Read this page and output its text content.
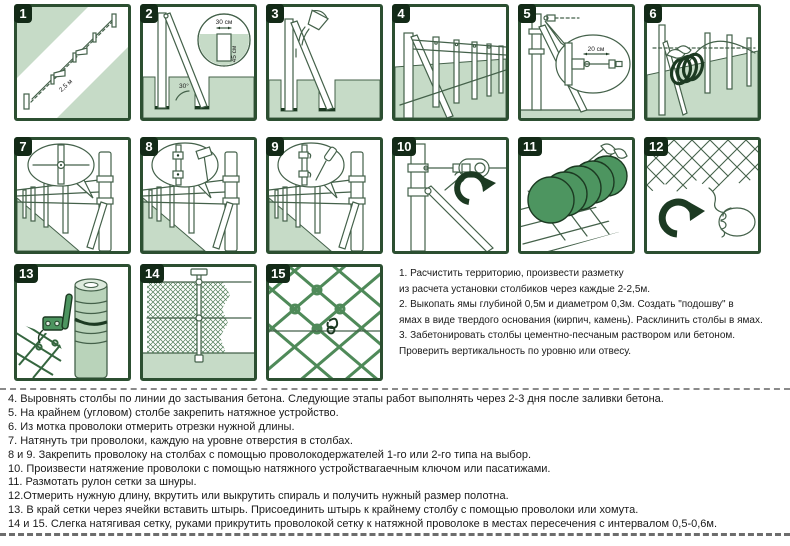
2,5 м
1
30°
30 см
45 см
2	3	4
20 см
5	6
7	8	9	10	11	12
13	14	15	1. Расчистить территорию, произвести разметку
из расчета установки столбиков через каждые 2-2,5м.
2. Выкопать ямы глубиной 0,5м и диаметром 0,3м. Создать "подошву" в
ямах в виде твердого основания (кирпич, камень). Расклинить столбы в ямах.
3. Забетонировать столбы цементно-песчаным раствором или бетоном.
Проверить вертикальность по уровню или отвесу.
4. Выровнять столбы по линии до застывания бетона. Следующие этапы работ выполнять через 2-3 дня после заливки бетона.
5. На крайнем (угловом) столбе закрепить натяжное устройство.
6. Из мотка проволоки отмерить отрезки нужной длины.
7. Натянуть три проволоки, каждую на уровне отверстия в столбах.
8 и 9. Закрепить проволоку на столбах с помощью проволокодержателей 1-го или 2-го типа на выбор.
10. Произвести натяжение проволоки с помощью натяжного устройствагаечным ключом или пасатижами.
11. Размотать рулон сетки за шнуры.
12.Отмерить нужную длину, вкрутить или выкрутить спираль и получить нужный размер полотна.
13. В край сетки через ячейки вставить штырь. Присоединить штырь к крайнему столбу с помощью проволоки или хомута.
14 и 15. Слегка натягивая сетку, руками прикрутить проволокой сетку к натяжной проволоке в местах пересечения с интервалом 0,5-0,6м.
